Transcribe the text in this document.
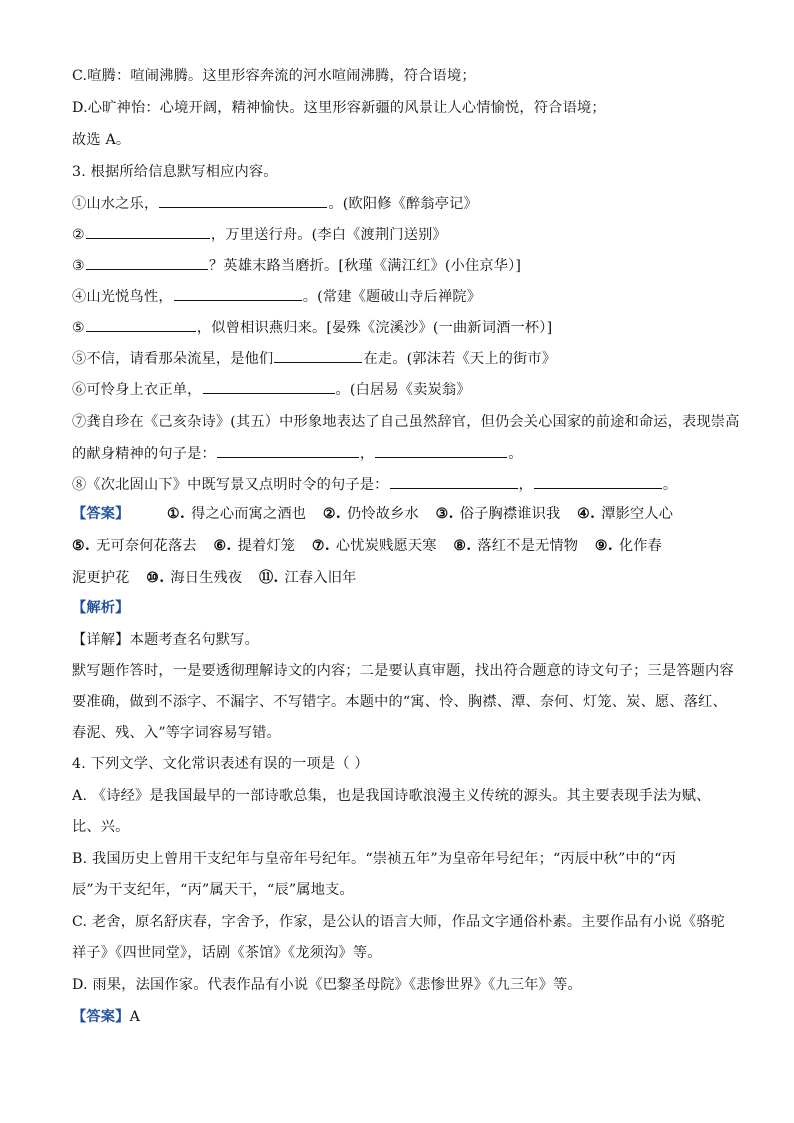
C.喧腾：喧闹沸腾。这里形容奔流的河水喧闹沸腾，符合语境；
D.心旷神怡：心境开阔，精神愉快。这里形容新疆的风景让人心情愉悦，符合语境；
故选 A。
3. 根据所给信息默写相应内容。
①山水之乐，	。(欧阳修《醉翁亭记》
②	，万里送行舟。(李白《渡荆门送别》
③	？英雄末路当磨折。[秋瑾《满江红》(小住京华）]
④山光悦鸟性，	。(常建《题破山寺后禅院》
⑤	，似曾相识燕归来。[晏殊《浣溪沙》(一曲新词酒一杯）]
⑤不信，请看那朵流星，是他们	在走。(郭沫若《天上的街市》
⑥可怜身上衣正单，	。(白居易《卖炭翁》
⑦龚自珍在《己亥杂诗》(其五）中形象地表达了自己虽然辞官，但仍会关心国家的前途和命运，表现崇高
的献身精神的句子是：	，	。
⑧《次北固山下》中既写景又点明时令的句子是：	，	。
【答案】	①. 得之心而寓之酒也 ②. 仍怜故乡水 ③. 俗子胸襟谁识我 ④. 潭影空人心
⑤. 无可奈何花落去 ⑥. 提着灯笼 ⑦. 心忧炭贱愿天寒 ⑧. 落红不是无情物 ⑨. 化作春
泥更护花 ⑩. 海日生残夜 ⑪. 江春入旧年
【解析】
【详解】本题考查名句默写。
默写题作答时，一是要透彻理解诗文的内容；二是要认真审题，找出符合题意的诗文句子；三是答题内容
要准确，做到不添字、不漏字、不写错字。本题中的“寓、怜、胸襟、潭、奈何、灯笼、炭、愿、落红、
春泥、残、入”等字词容易写错。
4. 下列文学、文化常识表述有误的一项是（ ）
A. 《诗经》是我国最早的一部诗歌总集，也是我国诗歌浪漫主义传统的源头。其主要表现手法为赋、
比、兴。
B. 我国历史上曾用干支纪年与皇帝年号纪年。“崇祯五年”为皇帝年号纪年；“丙辰中秋”中的“丙
辰”为干支纪年，“丙”属天干，“辰”属地支。
C. 老舍，原名舒庆春，字舍予，作家，是公认的语言大师，作品文字通俗朴素。主要作品有小说《骆驼
祥子》《四世同堂》，话剧《茶馆》《龙须沟》等。
D. 雨果，法国作家。代表作品有小说《巴黎圣母院》《悲惨世界》《九三年》等。
【答案】A
